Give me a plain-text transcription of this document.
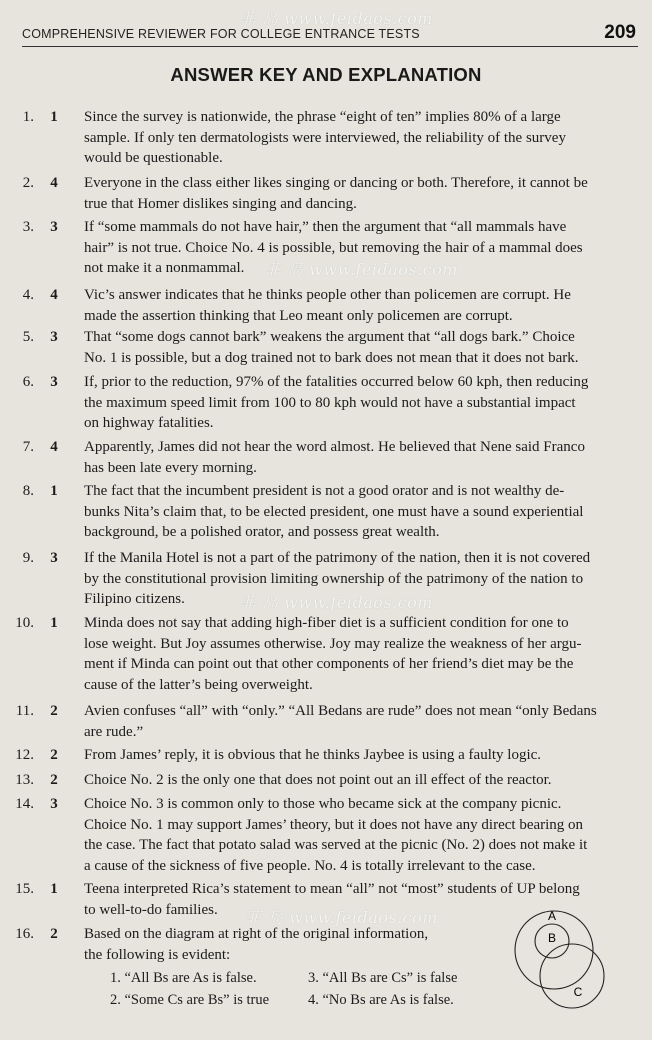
菲 岛 www.feidaos.com
COMPREHENSIVE REVIEWER FOR COLLEGE ENTRANCE TESTS	209
ANSWER KEY AND EXPLANATION
1.	1	Since the survey is nationwide, the phrase “eight of ten” implies 80% of a large
sample. If only ten dermatologists were interviewed, the reliability of the survey
would be questionable.
2.	4	Everyone in the class either likes singing or dancing or both. Therefore, it cannot be
true that Homer dislikes singing and dancing.
3.	3	If “some mammals do not have hair,” then the argument that “all mammals have
hair” is not true. Choice No. 4 is possible, but removing the hair of a mammal does
not make it a nonmammal.
4.	4	Vic’s answer indicates that he thinks people other than policemen are corrupt. He
made the assertion thinking that Leo meant only policemen are corrupt.
5.	3	That “some dogs cannot bark” weakens the argument that “all dogs bark.” Choice
No. 1 is possible, but a dog trained not to bark does not mean that it does not bark.
6.	3	If, prior to the reduction, 97% of the fatalities occurred below 60 kph, then reducing
the maximum speed limit from 100 to 80 kph would not have a substantial impact
on highway fatalities.
7.	4	Apparently, James did not hear the word almost. He believed that Nene said Franco
has been late every morning.
8.	1	The fact that the incumbent president is not a good orator and is not wealthy de-
bunks Nita’s claim that, to be elected president, one must have a sound experiential
background, be a polished orator, and possess great wealth.
9.	3	If the Manila Hotel is not a part of the patrimony of the nation, then it is not covered
by the constitutional provision limiting ownership of the patrimony of the nation to
Filipino citizens.
10.	1	Minda does not say that adding high-fiber diet is a sufficient condition for one to
lose weight. But Joy assumes otherwise. Joy may realize the weakness of her argu-
ment if Minda can point out that other components of her friend’s diet may be the
cause of the latter’s being overweight.
11.	2	Avien confuses “all” with “only.” “All Bedans are rude” does not mean “only Bedans
are rude.”
12.	2	From James’ reply, it is obvious that he thinks Jaybee is using a faulty logic.
13.	2	Choice No. 2 is the only one that does not point out an ill effect of the reactor.
14.	3	Choice No. 3 is common only to those who became sick at the company picnic.
Choice No. 1 may support James’ theory, but it does not have any direct bearing on
the case. The fact that potato salad was served at the picnic (No. 2) does not make it
a cause of the sickness of five people. No. 4 is totally irrelevant to the case.
15.	1	Teena interpreted Rica’s statement to mean “all” not “most” students of UP belong
to well-to-do families.
16.	2	Based on the diagram at right of the original information,
the following is evident:
菲 岛 www.feidaos.com
菲 岛 www.feidaos.com
菲 岛 www.feidaos.com
1. “All Bs are As is false.	3. “All Bs are Cs” is false
2. “Some Cs are Bs” is true	4. “No Bs are As is false.
A
B
C
